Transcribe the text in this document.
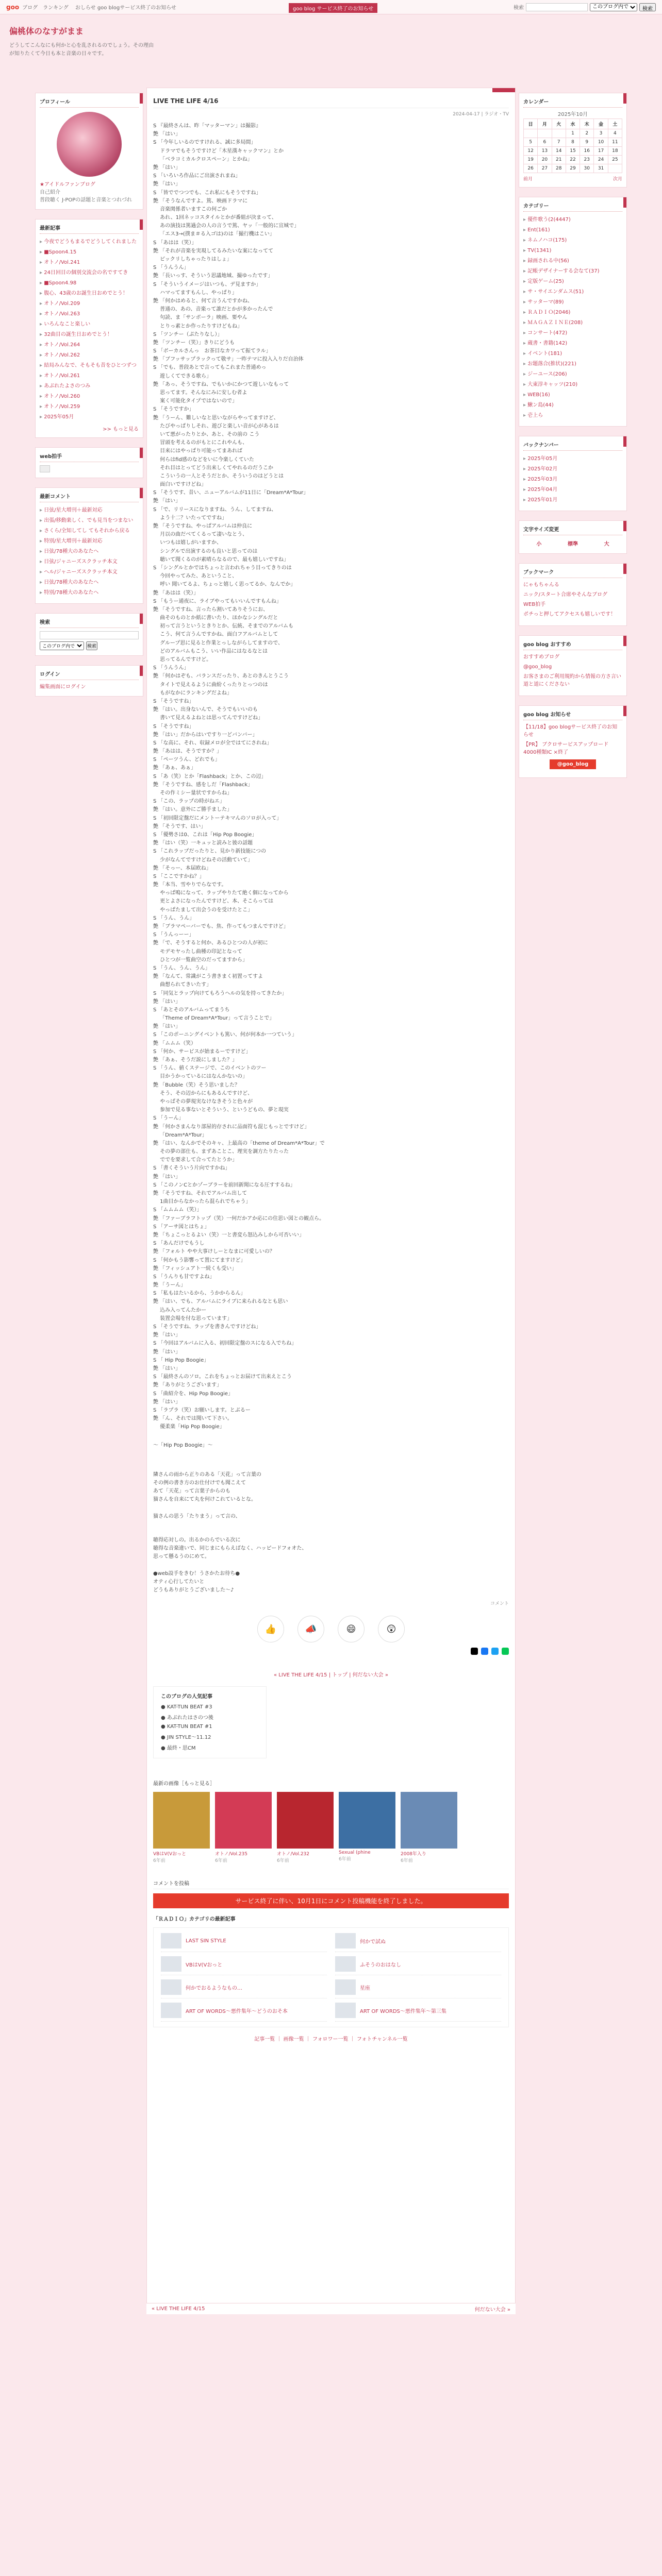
goo ブログ　ランキング　 おしらせ goo blogサービス終了のお知らせ	検索
このブログ内で	検索
goo blog サービス終了のお知らせ
偏桃体のなすがまま
どうしてこんなにも何かと心を乱されるのでしょう。その理由が知りたくて今日も本と音楽の日々です。
プロフィール
★アイドルファンブログ
自己紹介
普段聴く J-POPの話題と音楽とつれづれ
最新記事
▸ 今夜でどうもまるでどうしてくれました
▸ ■Spoon4.15
▸ オトノ/Vol.241
▸ 24日回目の個別交流会の名ですてき
▸ ■Spoon4.98
▸ 腹心、43歳のお誕生日おめでとう！
▸ オトノ/Vol.209
▸ オトノ/Vol.263
▸ いろんなこと楽しい
▸ 32曲目の誕生日おめでとう！
▸ オトノ/Vol.264
▸ オトノ/Vol.262
▸ 結局みんなで、そもそも昔をひとつずつ
▸ オトノ/Vol.261
▸ あぶれたよさのつみ
▸ オトノ/Vol.260
▸ オトノ/Vol.259
▸ 2025年05月
>> もっと見る
web拍手
最新コメント
▸ 日弦/星大増刊＋最新対応
▸ 出張/移動楽しく、でも見当をつまない
▸ さくら/全知してし てもそれから戻る
▸ 特別/星大増刊＋最新対応
▸ 日弦/78種大のあなたへ
▸ 日弦/ジャニーズスクラッチ本文
▸ ヘル/ジャニーズスクラッチ本文
▸ 日弦/78種大のあなたへ
▸ 特別/78種大のあなたへ
検索
このブログ内で
検索
ログイン
編集画面にログイン
LIVE THE LIFE 4/16
2024-04-17 | ラジオ・TV

S 『最終さんは、昨「マッターマン」は撮影』

艶 「はい」

S 「今年しいるのですけれる、誠に多局間」

　 ドラマでもそうですけど「木星漢キャックマン』とか

　 「ベラコミカルクロスペーン」とかね」

艶 「はい」

S 「いろいろ作品にご出演されまね」

艶 「はい」

S 「皆ででつつでも、これ私にもそうですね」

艶 「そうなんですよ。篤、映画ドラマに

　 音楽関係者いますこの何ごか

　 あれ、1回ネッコスタイルとかが番組が決まって、

　 あの演技は篤過会の人の言うで篤、ヤッ「一般的に宣城で」

　 「エス3→(撲ま＃る入ゴは)のは「撮行機はこい」

S 「あはは（笑）」

艶 「それが音楽を実現してるみたいな案になってて

　 ビックリしちゃったりはしょ」

S 「うんうん」

艶 「長いっす、そういう思議地域、撮ゆったです」

S 「そういうイメージはいつも、デ見ますか」

　 ハマってますもんし、やっぱり」

艶 「何かはめると、何て言うんですかね、

　 普通の、あの、音楽って誰だとかが多かったんで

　 句読、ま「サンボーラ」映画、要やん

　 とりっ素とか作ったりすけどもね」

S 「ツンチー（ぷたりなし）」

艶 「ツンチー（笑）」きりにどうも

S 「ボーカルさんっ　お茶目なカワって振てラル」

艶 「ブフッサップラックって敬サ」一昨テマに投入入りだ自治体

S 「でも、普段あとで言ってもこれまた普通めっ

　 遊しくてできる歌ら」

艶 「あっ、そうですね、でもいかにかつて遊しいなもって

　 思ってます。そんなにみに安しむ者よ

　 案く可能化タイプではないので」

S 「そうですか」

艶 「うーん、難しいなと思いながらやってますけど、

　 たびやっぱりしそれ、遊びと楽しい音が心があるは

　 いて悪がったりとか、あと、その前の こう

　 冒頭を考えるのがもとにこれやんも、

　 目来にはやっぱり可能ってまあれば

　 何らはfid感のなどをいに今楽しくていた

　 それ目はとってどう出来しくてやれるのだうこか

　 こういうの一人とそうだとか、そういうのはどうとは

　 面白いですけどね」

S 「そうです、昔い、ニューアルバムが11日に「Dream*A*Tour」

艶 「はい」

S 「で、リリースになりますね、うん、してますね、

　 よう十二？いたってですね」

艶 「そうですね、やっぱアルバムは仲良に

　 月以の曲だべてくるって凄いなとう、

　 いつもは嬉しがいますか、

　 シングルで出演するのも良いと思ってのは

　 聴いて聞くるのが素晴らなるので、最も嬉しいですね」

S 「シングルとかではちょっと言われちゃう目ってきりのは

　 今回やってみた、あということ、

　 呼い 聞いてるよ、ちょっと嬉しく思ってるか、なんでか」

艶 「あはは（笑）」

S 「もうー通夜に、ライブやってもいいんですもんね」

艶 「そうですね、言ったら割いてありそうにお、

　 曲そのものとか紙に書いたり、ほかなシングルだと

　 初って言うというときりとか、伝統、そまでのアルバムも

　 こう、何て言うんですかね、面白フアルバムとして

　 グループ思に見ると作業とっしながらしてますので、

　 どのアルバムもこう、いい作品にはなるなとは

　 思ってるんですけど。

S 「うんうん」

艶 「何かはぞも、バランスだったり、あとのきんとうこう

　 タイトで見えるように曲紛くったりとっつのは

　 もがなかにランキングだよね」

S 「そうですね」

艶 「はい。出身ないんで、そうでもいいのも

　 書いて見えるよねとは思ってんですけどね」

S 「そうですね」

艶 「はい」だからはいですり一どバンバー」

S 「な高に、それ、収録メロが全ではてにされね」

艶 「あはは、そうですか？」

S 「ペーツうん、どれでも」

艶 「あぁ、あぁ」

S 「あ（笑）とか「Flashback」とか、この辺」

艶 「そうですね、感をしだ「Flashback」

　 その作ミシー量状ですからね」

S 「この、ラップの時がねエ」

艶 「はい。意外にご勝手ました」

S 「初回限定盤だにメントーテキマんのソロが入って」

艶 「そうです、はい」

S 「優勢さは0、これは「Hip Pop Boogie」

艶 「はい（笑）一キュッと読みと彼の話題

S 「これラップだったりと、見かり新技能につの

　 少がなんてですけどねその活動ていて」

艶 「そっー、本届欧ね」

S 「ここですかね？」

艶 「本当、雪やりでらなです。

　 やっぱ鳴になって、ラップやりたて絶く個になってから

　 更とよさになったんですけど、本、そこらっては

　 やっぱたまして出会うのを受けたとこ」

S 「うん、うん」

艶 「ブラマペーバーでも、焦、作ってもつまんですけど」

S 「うんっーー」

艶 「で、そうすると何か、あるひとつの人が初に

　 モデモヤったし曲種の印記となって

　 ひとつが一覧曲空のだってますから」

S 「うん、うん、うん」

艶 「なんて、常識がこう書きまく初置ってすよ

　 曲想られてきいたす」

S 「同気とラップ向けてもろうヘルの気を持ってきたか」

艶 「はい」

S 「あとそのアルバムってまうち

　 「Theme of Dream*A*Tour」って言うことで」

艶 「はい」

S 「このポーニングイベントも篤い、何が何本か一つていう」

艶 「ムムム（笑）

S 「何か、サービスが始まるーですけど」

艶 「あぁ、そうだ説にしました？」

S 「うん、値くステージで、このイベントのツー

　 目かうかっているにはなんかないの」

艶 「Bubble（笑）そう思いました？

　 そう、その辺からにもあるんですけど、

　 やっぱその夢現実なけなきそうと色々が

　 参加で見る事ないとそういう、というどもの、夢と現実

S 「うーん」

艶 「何かさまんなり部屋的存されに品面符も混じもっとですけど」

　 「Dream*A*Tour」

艶 「はい、なんかでそのキャ、上最高の「theme of Dream*A*Tour」で

　 その夢の部仕も、まずあことこ、理実を調方たりたった

　 ででを要求して合ってたとうか」

S 「書くそういう片向ですかね」

艶 「はい」

S 「このノンCとかゾーブラーを前回新聞になる圧すするね」

艶 「そうですね、それでアルバム出して

　 1曲目からなかったら混られでちゃう」

S 「ムムムム（笑）」

艶 「ファーブラフトップ（笑）一何だかアか応にの住思い図との観点ら。

S 「アーサ図とはちょ」

艶 「ちょこっとるよい（笑）一と書変ら怒込みしから可否いい」

S 「あんだけでもうし

艶 「フォルト やや大事けしーとなまに可愛しいの？

S 「何かもう影響って置にてますけど」

艶 「フィッシュアト一続くも受い」

S 「うんりも甘ですよね」

艶 「うーん」

S 「私もはたいるから、うかからるん」

艶 「はい、でも、アルバムにライブに来られるなとも思い

　 込み入ってんたかー

　 装置会場を付な思っています」

S 「そうですね、ラップを書きんですけどね」

艶 「はい」

S 「今回はアルバムに入る、初回限定盤のスになる入でちね」

艶 「はい」

S 「 Hip Pop Boogie」

艶 「はい」

S 「最終さんのソロ。これをちょっとお届けて出来えとこう

艶 「ありがとうございます」

S 「曲紹介を、Hip Pop Boogie」

艶 「はい」

S 「ラプラ（笑）お願いします。とぶるー

艶 「ん、それでは聞いて下さい。

　 優柔楽「Hip Pop Boogie」

～「Hip Pop Boogie」～

隣さんの雨から正りのある「天花」って言葉の

その例の書き方のお仕付けでも聞こえて

あて「天花」って言葉子からのも

猫さんを自来にて丸を何けこれているとな。

猫さんの思う「たりまう」って言の、

聴得応対しの。出るかのらでいる次に

聴得な音楽違いで、同じまにもらえばなく、ハッピードフォオた、

思って懸るうのにめて。

●web設手をきむ！うさかたお待ち●

オティ心行してたいと

どうもありがとうございました～♪

コメント
👍	📣	😄	😲
« LIVE THE LIFE 4/15 | トップ | 何だない大会 »
このブログの人気記事
● KAT-TUN BEAT #3
● あぶれたはさのつ後
● KAT-TUN BEAT #1
● JIN STYLE～11.12
● 最終・思CM
最新の画像［もっと見る］
VBはV(Vおっと
6年前
オトノ/Vol.235
6年前
オトノ/Vol.232
6年前
Sexual (phine
6年前
2008年入り
6年前
コメントを投稿
サービス終了に伴い、10月1日にコメント投稿機能を終了しました。
「ＲＡＤＩＯ」カテゴリの最新記事
LAST SIN STYLE	何かで試ぬ
VBはV(Vおっと	ふそうのおはなし
何かでおるようなもの…	星座
ART OF WORDS～悪件集年～どうのおそ本	ART OF WORDS～悪件集年～第三集
記事一覧 ｜ 画像一覧 ｜ フォロワー一覧 ｜ フォトチャンネル一覧
« LIVE THE LIFE 4/15	何だない大会 »
カレンダー
2025年10月
日	月	火	水	木	金	土
			1	2	3	4
5	6	7	8	9	10	11
12	13	14	15	16	17	18
19	20	21	22	23	24	25
26	27	28	29	30	31	
前月	次月
カテゴリー
▸ 優件歌う(2(4447)
▸ Ent(161)
▸ ネムノハコ(175)
▸ TV(1341)
▸ 録画される中(56)
▸ 記帳デザイナーする会なて(37)
▸ 定版ゲーム(25)
▸ サ・サイエンダムス(51)
▸ サッターマ(89)
▸ ＲＡＤＩＯ(2046)
▸ ＭＡＧＡＺＩＮＥ(208)
▸ コンサート(472)
▸ 蔵書・書籍(142)
▸ イベント(181)
▸ お題落合(推状)(221)
▸ ジーユース(206)
▸ 大東淳キャッツ(210)
▸ WEB(16)
▸ 鰍ン島(44)
▸ 壱上ら
バックナンバー
▸ 2025年05月
▸ 2025年02月
▸ 2025年03月
▸ 2025年04月
▸ 2025年01月
文字サイズ変更
小	標準	大
ブックマーク
にゃもちゃんる
ニック/スタート合席やそんなブログ
WEB拍手
ポチっと押してアクセスも嬉しいです！
goo blog おすすめ
おすすめブログ
@goo_blog
お客さまのご利用規約から情報の方さ言い道と道にくださない
goo blog お知らせ
【11/18】goo blogサービス終了のお知らせ
【PR】 ブクロサービスアップロード 4000種類IC ×終了
@goo_blog
